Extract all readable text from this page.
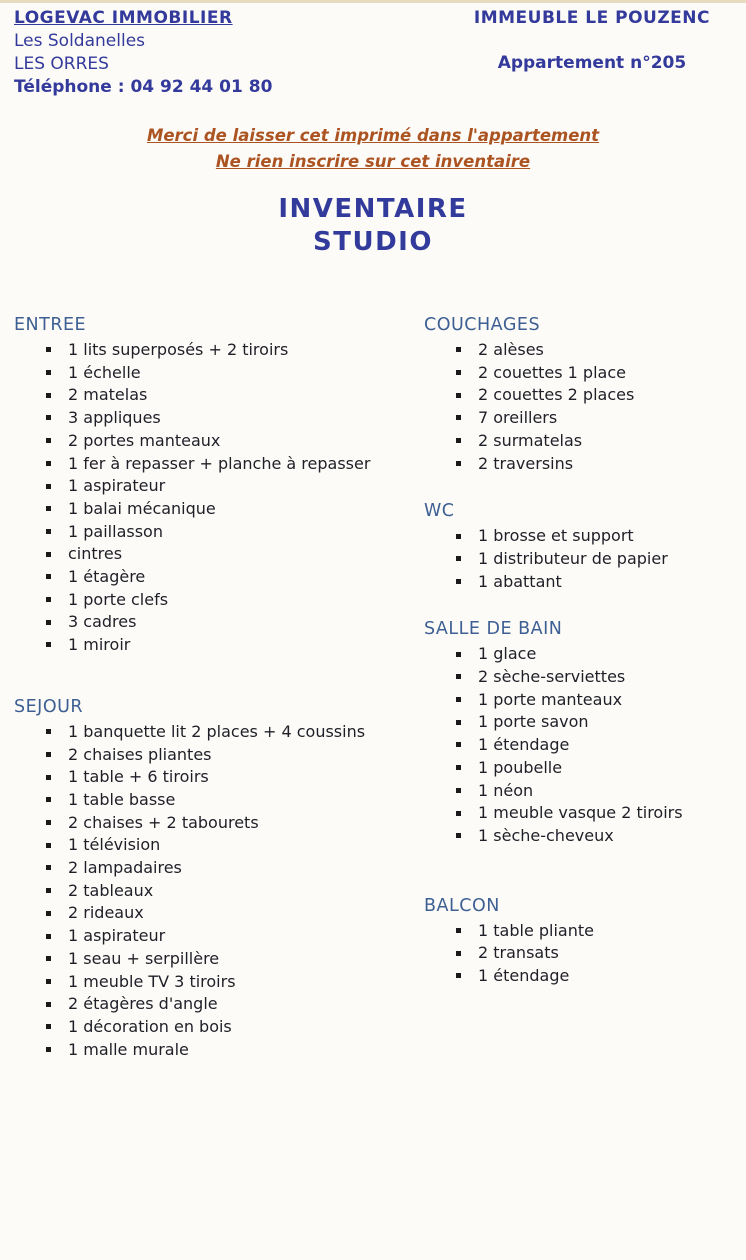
LOGEVAC IMMOBILIER
Les Soldanelles
LES ORRES
Téléphone : 04 92 44 01 80
IMMEUBLE LE POUZENC
Appartement n°205
Merci de laisser cet imprimé dans l'appartement
Ne rien inscrire sur cet inventaire
INVENTAIRE
STUDIO
ENTREE
1 lits superposés + 2 tiroirs
1 échelle
2 matelas
3 appliques
2 portes manteaux
1 fer à repasser + planche à repasser
1 aspirateur
1 balai mécanique
1 paillasson
cintres
1 étagère
1 porte clefs
3 cadres
1 miroir
SEJOUR
1 banquette lit 2 places + 4 coussins
2 chaises pliantes
1 table + 6 tiroirs
1 table basse
2 chaises + 2 tabourets
1 télévision
2 lampadaires
2 tableaux
2 rideaux
1 aspirateur
1 seau + serpillère
1 meuble TV 3 tiroirs
2 étagères d'angle
1 décoration en bois
1 malle murale
COUCHAGES
2 alèses
2 couettes 1 place
2 couettes 2 places
7 oreillers
2 surmatelas
2 traversins
WC
1 brosse et support
1 distributeur de papier
1 abattant
SALLE DE BAIN
1 glace
2 sèche-serviettes
1 porte manteaux
1 porte savon
1 étendage
1 poubelle
1 néon
1 meuble vasque 2 tiroirs
1 sèche-cheveux
BALCON
1 table pliante
2 transats
1 étendage
